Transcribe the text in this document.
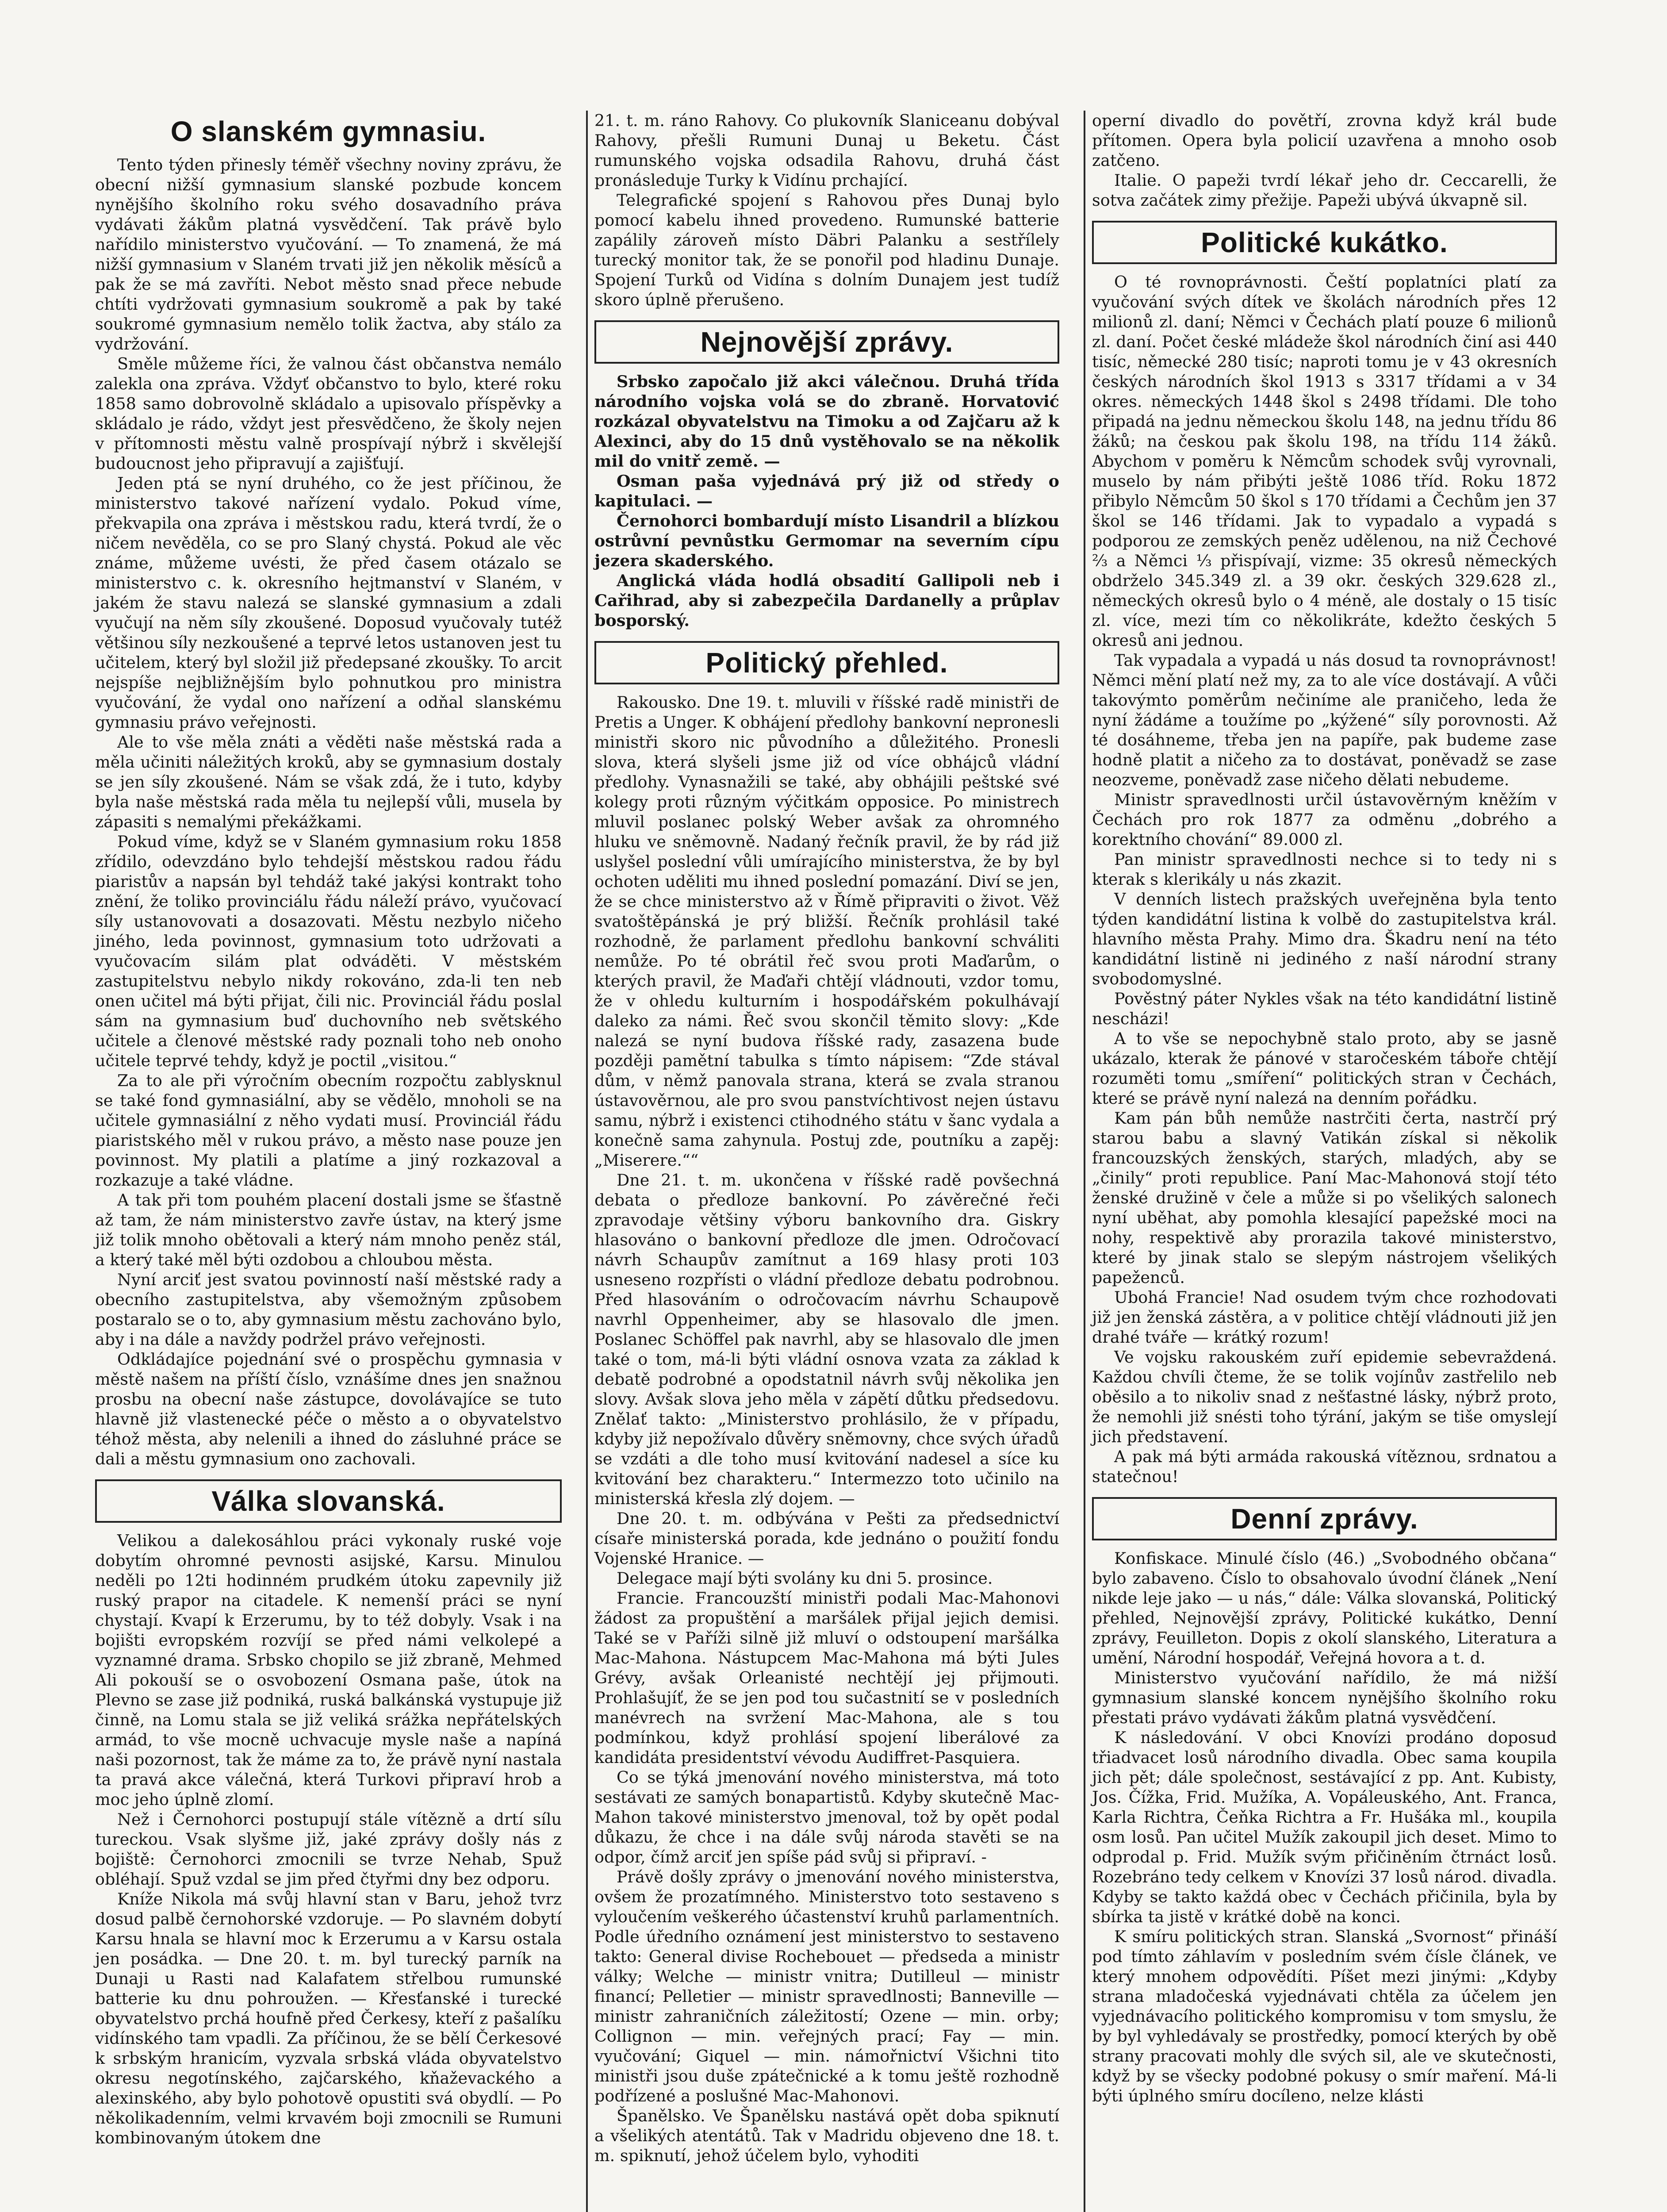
O slanském gymnasiu.

Tento týden přinesly téměř všechny noviny zprávu, že obecní nižší gymnasium slanské pozbude koncem nynějšího školního roku svého dosavadního práva vydávati žákům platná vysvědčení. Tak právě bylo nařídilo ministerstvo vyučování. — To znamená, že má nižší gymnasium v Slaném trvati již jen několik měsíců a pak že se má zavříti. Nebot město snad přece nebude chtíti vydržovati gymnasium soukromě a pak by také soukromé gymnasium nemělo tolik žactva, aby stálo za vydržování.

Směle můžeme říci, že valnou část občanstva nemálo zalekla ona zpráva. Vždyť občanstvo to bylo, které roku 1858 samo dobrovolně skládalo a upisovalo příspěvky a skládalo je rádo, vždyt jest přesvědčeno, že školy nejen v přítomnosti městu valně prospívají nýbrž i skvělejší budoucnost jeho připravují a zajišťují.

Jeden ptá se nyní druhého, co že jest příčinou, že ministerstvo takové nařízení vydalo. Pokud víme, překvapila ona zpráva i městskou radu, která tvrdí, že o ničem nevěděla, co se pro Slaný chystá. Pokud ale věc známe, můžeme uvésti, že před časem otázalo se ministerstvo c. k. okresního hejtmanství v Slaném, v jakém že stavu nalezá se slanské gymnasium a zdali vyučují na něm síly zkoušené. Doposud vyučovaly tutéž většinou síly nezkoušené a teprvé letos ustanoven jest tu učitelem, který byl složil již předepsané zkoušky. To arcit nejspíše nejbližnějším bylo pohnutkou pro ministra vyučování, že vydal ono nařízení a odňal slanskému gymnasiu právo veřejnosti.

Ale to vše měla znáti a věděti naše městská rada a měla učiniti náležitých kroků, aby se gymnasium dostaly se jen síly zkoušené. Nám se však zdá, že i tuto, kdyby byla naše městská rada měla tu nejlepší vůli, musela by zápasiti s nemalými překážkami.

Pokud víme, když se v Slaném gymnasium roku 1858 zřídilo, odevzdáno bylo tehdejší městskou radou řádu piaristův a napsán byl tehdáž také jakýsi kontrakt toho znění, že toliko provinciálu řádu náleží právo, vyučovací síly ustanovovati a dosazovati. Městu nezbylo ničeho jiného, leda povinnost, gymnasium toto udržovati a vyučovacím silám plat odváděti. V městském zastupitelstvu nebylo nikdy rokováno, zda-li ten neb onen učitel má býti přijat, čili nic. Provinciál řádu poslal sám na gymnasium buď duchovního neb světského učitele a členové městské rady poznali toho neb onoho učitele teprvé tehdy, když je poctil „visitou.“

Za to ale při výročním obecním rozpočtu zablysknul se také fond gymnasiální, aby se vědělo, mnoholi se na učitele gymnasiální z něho vydati musí. Provinciál řádu piaristského měl v rukou právo, a město nase pouze jen povinnost. My platili a platíme a jiný rozkazoval a rozkazuje a také vládne.

A tak při tom pouhém placení dostali jsme se šťastně až tam, že nám ministerstvo zavře ústav, na který jsme již tolik mnoho obětovali a který nám mnoho peněz stál, a který také měl býti ozdobou a chloubou města.

Nyní arciť jest svatou povinností naší městské rady a obecního zastupitelstva, aby všemožným způsobem postaralo se o to, aby gymnasium městu zachováno bylo, aby i na dále a navždy podržel právo veřejnosti.

Odkládajíce pojednání své o prospěchu gymnasia v městě našem na příští číslo, vznášíme dnes jen snažnou prosbu na obecní naše zástupce, dovolávajíce se tuto hlavně již vlastenecké péče o město a o obyvatelstvo téhož města, aby nelenili a ihned do zásluhné práce se dali a městu gymnasium ono zachovali.

Válka slovanská.

Velikou a dalekosáhlou práci vykonaly ruské voje dobytím ohromné pevnosti asijské, Karsu. Minulou neděli po 12ti hodinném prudkém útoku zapevnily již ruský prapor na citadele. K nemenší práci se nyní chystají. Kvapí k Erzerumu, by to též dobyly. Vsak i na bojišti evropském rozvíjí se před námi velkolepé a vyznamné drama. Srbsko chopilo se již zbraně, Mehmed Ali pokouší se o osvobození Osmana paše, útok na Plevno se zase již podniká, ruská balkánská vystupuje již činně, na Lomu stala se již veliká srážka nepřátelských armád, to vše mocně uchvacuje mysle naše a napíná naši pozornost, tak že máme za to, že právě nyní nastala ta pravá akce válečná, která Turkovi připraví hrob a moc jeho úplně zlomí.

Než i Černohorci postupují stále vítězně a drtí sílu tureckou. Vsak slyšme již, jaké zprávy došly nás z bojiště: Černohorci zmocnili se tvrze Nehab, Spuž obléhají. Spuž vzdal se jim před čtyřmi dny bez odporu.

Kníže Nikola má svůj hlavní stan v Baru, jehož tvrz dosud palbě černohorské vzdoruje. — Po slavném dobytí Karsu hnala se hlavní moc k Erzerumu a v Karsu ostala jen posádka. — Dne 20. t. m. byl turecký parník na Dunaji u Rasti nad Kalafatem střelbou rumunské batterie ku dnu pohroužen. — Křesťanské i turecké obyvatelstvo prchá houfně před Čerkesy, kteří z pašalíku vidínského tam vpadli. Za příčinou, že se bělí Čerkesové k srbským hranicím, vyzvala srbská vláda obyvatelstvo okresu negotínského, zajčarského, kňaževackého a alexinského, aby bylo pohotově opustiti svá obydlí. — Po několikadenním, velmi krvavém boji zmocnili se Rumuni kombinovaným útokem dne

21. t. m. ráno Rahovy. Co plukovník Slaniceanu dobýval Rahovy, přešli Rumuni Dunaj u Beketu. Část rumunského vojska odsadila Rahovu, druhá část pronásleduje Turky k Vidínu prchající.

Telegrafické spojení s Rahovou přes Dunaj bylo pomocí kabelu ihned provedeno. Rumunské batterie zapálily zároveň místo Däbri Palanku a sestřílely turecký monitor tak, že se ponořil pod hladinu Dunaje. Spojení Turků od Vidína s dolním Dunajem jest tudíž skoro úplně přerušeno.

Nejnovější zprávy.

Srbsko započalo již akci válečnou. Druhá třída národního vojska volá se do zbraně. Horvatović rozkázal obyvatelstvu na Timoku a od Zajčaru až k Alexinci, aby do 15 dnů vystěhovalo se na několik mil do vnitř země. —

Osman paša vyjednává prý již od středy o kapitulaci. —

Černohorci bombardují místo Lisandril a blízkou ostrůvní pevnůstku Germomar na severním cípu jezera skaderského.

Anglická vláda hodlá obsadití Gallipoli neb i Cařihrad, aby si zabezpečila Dardanelly a průplav bosporský.

Politický přehled.

Rakousko. Dne 19. t. mluvili v říšské radě ministři de Pretis a Unger. K obhájení předlohy bankovní nepronesli ministři skoro nic původního a důležitého. Pronesli slova, která slyšeli jsme již od více obhájců vládní předlohy. Vynasnažili se také, aby obhájili peštské své kolegy proti různým výčitkám opposice. Po ministrech mluvil poslanec polský Weber avšak za ohromného hluku ve sněmovně. Nadaný řečník pravil, že by rád již uslyšel poslední vůli umírajícího ministerstva, že by byl ochoten uděliti mu ihned poslední pomazání. Diví se jen, že se chce ministerstvo až v Římě připraviti o život. Věž svatoštěpánská je prý bližší. Řečník prohlásil také rozhodně, že parlament předlohu bankovní schváliti nemůže. Po té obrátil řeč svou proti Maďarům, o kterých pravil, že Maďaři chtějí vládnouti, vzdor tomu, že v ohledu kulturním i hospodářském pokulhávají daleko za námi. Řeč svou skončil těmito slovy: „Kde nalezá se nyní budova říšské rady, zasazena bude později pamětní tabulka s tímto nápisem: “Zde stával dům, v němž panovala strana, která se zvala stranou ústavověrnou, ale pro svou panstvíchtivost nejen ústavu samu, nýbrž i existenci ctihodného státu v šanc vydala a konečně sama zahynula. Postuj zde, poutníku a zapěj: „Miserere.““

Dne 21. t. m. ukončena v říšské radě povšechná debata o předloze bankovní. Po závěrečné řeči zpravodaje většiny výboru bankovního dra. Giskry hlasováno o bankovní předloze dle jmen. Odročovací návrh Schaupův zamítnut a 169 hlasy proti 103 usneseno rozpřísti o vládní předloze debatu podrobnou. Před hlasováním o odročovacím návrhu Schaupově navrhl Oppenheimer, aby se hlasovalo dle jmen. Poslanec Schöffel pak navrhl, aby se hlasovalo dle jmen také o tom, má-li býti vládní osnova vzata za základ k debatě podrobné a opodstatnil návrh svůj několika jen slovy. Avšak slova jeho měla v zápětí důtku předsedovu. Znělať takto: „Ministerstvo prohlásilo, že v případu, kdyby již nepožívalo důvěry sněmovny, chce svých úřadů se vzdáti a dle toho musí kvitování nadesel a síce ku kvitování bez charakteru.“ Intermezzo toto učinilo na ministerská křesla zlý dojem. —

Dne 20. t. m. odbývána v Pešti za předsednictví císaře ministerská porada, kde jednáno o použití fondu Vojenské Hranice. —

Delegace mají býti svolány ku dni 5. prosince.

Francie. Francouzští ministři podali Mac-Mahonovi žádost za propuštění a maršálek přijal jejich demisi. Také se v Paříži silně již mluví o odstoupení maršálka Mac-Mahona. Nástupcem Mac-Mahona má býti Jules Grévy, avšak Orleanisté nechtějí jej přijmouti. Prohlašujíť, že se jen pod tou sučastnití se v posledních manévrech na svržení Mac-Mahona, ale s tou podmínkou, když prohlásí spojení liberálové za kandidáta presidentství vévodu Audiffret-Pasquiera.

Co se týká jmenování nového ministerstva, má toto sestávati ze samých bonapartistů. Kdyby skutečně Mac-Mahon takové ministerstvo jmenoval, tož by opět podal důkazu, že chce i na dále svůj národa stavěti se na odpor, čímž arciť jen spíše pád svůj si připraví. -

Právě došly zprávy o jmenování nového ministerstva, ovšem že prozatímného. Ministerstvo toto sestaveno s vyloučením veškerého účastenství kruhů parlamentních. Podle úředního oznámení jest ministerstvo to sestaveno takto: General divise Rochebouet — předseda a ministr války; Welche — ministr vnitra; Dutilleul — ministr financí; Pelletier — ministr spravedlnosti; Banneville — ministr zahraničních záležitostí; Ozene — min. orby; Collignon — min. veřejných prací; Fay — min. vyučování; Giquel — min. námořnictví Všichni tito ministři jsou duše zpátečnické a k tomu ještě rozhodně podřízené a poslušné Mac-Mahonovi.

Španělsko. Ve Španělsku nastává opět doba spiknutí a všelikých atentátů. Tak v Madridu objeveno dne 18. t. m. spiknutí, jehož účelem bylo, vyhoditi

operní divadlo do povětří, zrovna když král bude přítomen. Opera byla policií uzavřena a mnoho osob zatčeno.

Italie. O papeži tvrdí lékař jeho dr. Ceccarelli, že sotva začátek zimy přežije. Papeži ubývá úkvapně sil.

Politické kukátko.

O té rovnoprávnosti. Čeští poplatníci platí za vyučování svých dítek ve školách národních přes 12 milionů zl. daní; Němci v Čechách platí pouze 6 milionů zl. daní. Počet české mládeže škol národních činí asi 440 tisíc, německé 280 tisíc; naproti tomu je v 43 okresních českých národních škol 1913 s 3317 třídami a v 34 okres. německých 1448 škol s 2498 třídami. Dle toho připadá na jednu německou školu 148, na jednu třídu 86 žáků; na českou pak školu 198, na třídu 114 žáků. Abychom v poměru k Němcům schodek svůj vyrovnali, muselo by nám přibýti ještě 1086 tříd. Roku 1872 přibylo Němcům 50 škol s 170 třídami a Čechům jen 37 škol se 146 třídami. Jak to vypadalo a vypadá s podporou ze zemských peněz udělenou, na niž Čechové ⅔ a Němci ⅓ přispívají, vizme: 35 okresů německých obdrželo 345.349 zl. a 39 okr. českých 329.628 zl., německých okresů bylo o 4 méně, ale dostaly o 15 tisíc zl. více, mezi tím co několikráte, kdežto českých 5 okresů ani jednou.

Tak vypadala a vypadá u nás dosud ta rovnoprávnost! Němci mění platí než my, za to ale více dostávají. A vůči takovýmto poměrům nečiníme ale praničeho, leda že nyní žádáme a toužíme po „kýžené“ síly porovnosti. Až té dosáhneme, třeba jen na papíře, pak budeme zase hodně platit a ničeho za to dostávat, poněvadž se zase neozveme, poněvadž zase ničeho dělati nebudeme.

Ministr spravedlnosti určil ústavověrným kněžím v Čechách pro rok 1877 za odměnu „dobrého a korektního chování“ 89.000 zl.

Pan ministr spravedlnosti nechce si to tedy ni s kterak s klerikály u nás zkazit.

V denních listech pražských uveřejněna byla tento týden kandidátní listina k volbě do zastupitelstva král. hlavního města Prahy. Mimo dra. Škadru není na této kandidátní listině ni jediného z naší národní strany svobodomyslné.

Pověstný páter Nykles však na této kandidátní listině nescházi!

A to vše se nepochybně stalo proto, aby se jasně ukázalo, kterak že pánové v staročeském táboře chtějí rozuměti tomu „smíření“ politických stran v Čechách, které se právě nyní nalezá na denním pořádku.

Kam pán bůh nemůže nastrčiti čerta, nastrčí prý starou babu a slavný Vatikán získal si několik francouzských ženských, starých, mladých, aby se „činily“ proti republice. Paní Mac-Mahonová stojí této ženské družině v čele a může si po všelikých salonech nyní uběhat, aby pomohla klesající papežské moci na nohy, respektivě aby prorazila takové ministerstvo, které by jinak stalo se slepým nástrojem všelikých papeženců.

Ubohá Francie! Nad osudem tvým chce rozhodovati již jen ženská zástěra, a v politice chtějí vládnouti již jen drahé tváře — krátký rozum!

Ve vojsku rakouském zuří epidemie sebevraždená. Každou chvíli čteme, že se tolik vojínův zastřelilo neb oběsilo a to nikoliv snad z nešťastné lásky, nýbrž proto, že nemohli již snésti toho týrání, jakým se tiše omyslejí jich představení.

A pak má býti armáda rakouská vítěznou, srdnatou a statečnou!

Denní zprávy.

Konfiskace. Minulé číslo (46.) „Svobodného občana“ bylo zabaveno. Číslo to obsahovalo úvodní článek „Není nikde leje jako — u nás,“ dále: Válka slovanská, Politický přehled, Nejnovější zprávy, Politické kukátko, Denní zprávy, Feuilleton. Dopis z okolí slanského, Literatura a umění, Národní hospodář, Veřejná hovora a t. d.

Ministerstvo vyučování nařídilo, že má nižší gymnasium slanské koncem nynějšího školního roku přestati právo vydávati žákům platná vysvědčení.

K následování. V obci Knovízi prodáno doposud třiadvacet losů národního divadla. Obec sama koupila jich pět; dále společnost, sestávající z pp. Ant. Kubisty, Jos. Čížka, Frid. Mužíka, A. Vopáleuského, Ant. Franca, Karla Richtra, Čeňka Richtra a Fr. Hušáka ml., koupila osm losů. Pan učitel Mužík zakoupil jich deset. Mimo to odprodal p. Frid. Mužík svým přičiněním čtrnáct losů. Rozebráno tedy celkem v Knovízi 37 losů národ. divadla. Kdyby se takto každá obec v Čechách přičinila, byla by sbírka ta jistě v krátké době na konci.

K smíru politických stran. Slanská „Svornost“ přináší pod tímto záhlavím v posledním svém čísle článek, ve který mnohem odpovědíti. Píšet mezi jinými: „Kdyby strana mladočeská vyjednávati chtěla za účelem jen vyjednávacího politického kompromisu v tom smyslu, že by byl vyhledávaly se prostředky, pomocí kterých by obě strany pracovati mohly dle svých sil, ale ve skutečnosti, když by se všecky podobné pokusy o smír maření. Má-li býti úplného smíru docíleno, nelze klásti
